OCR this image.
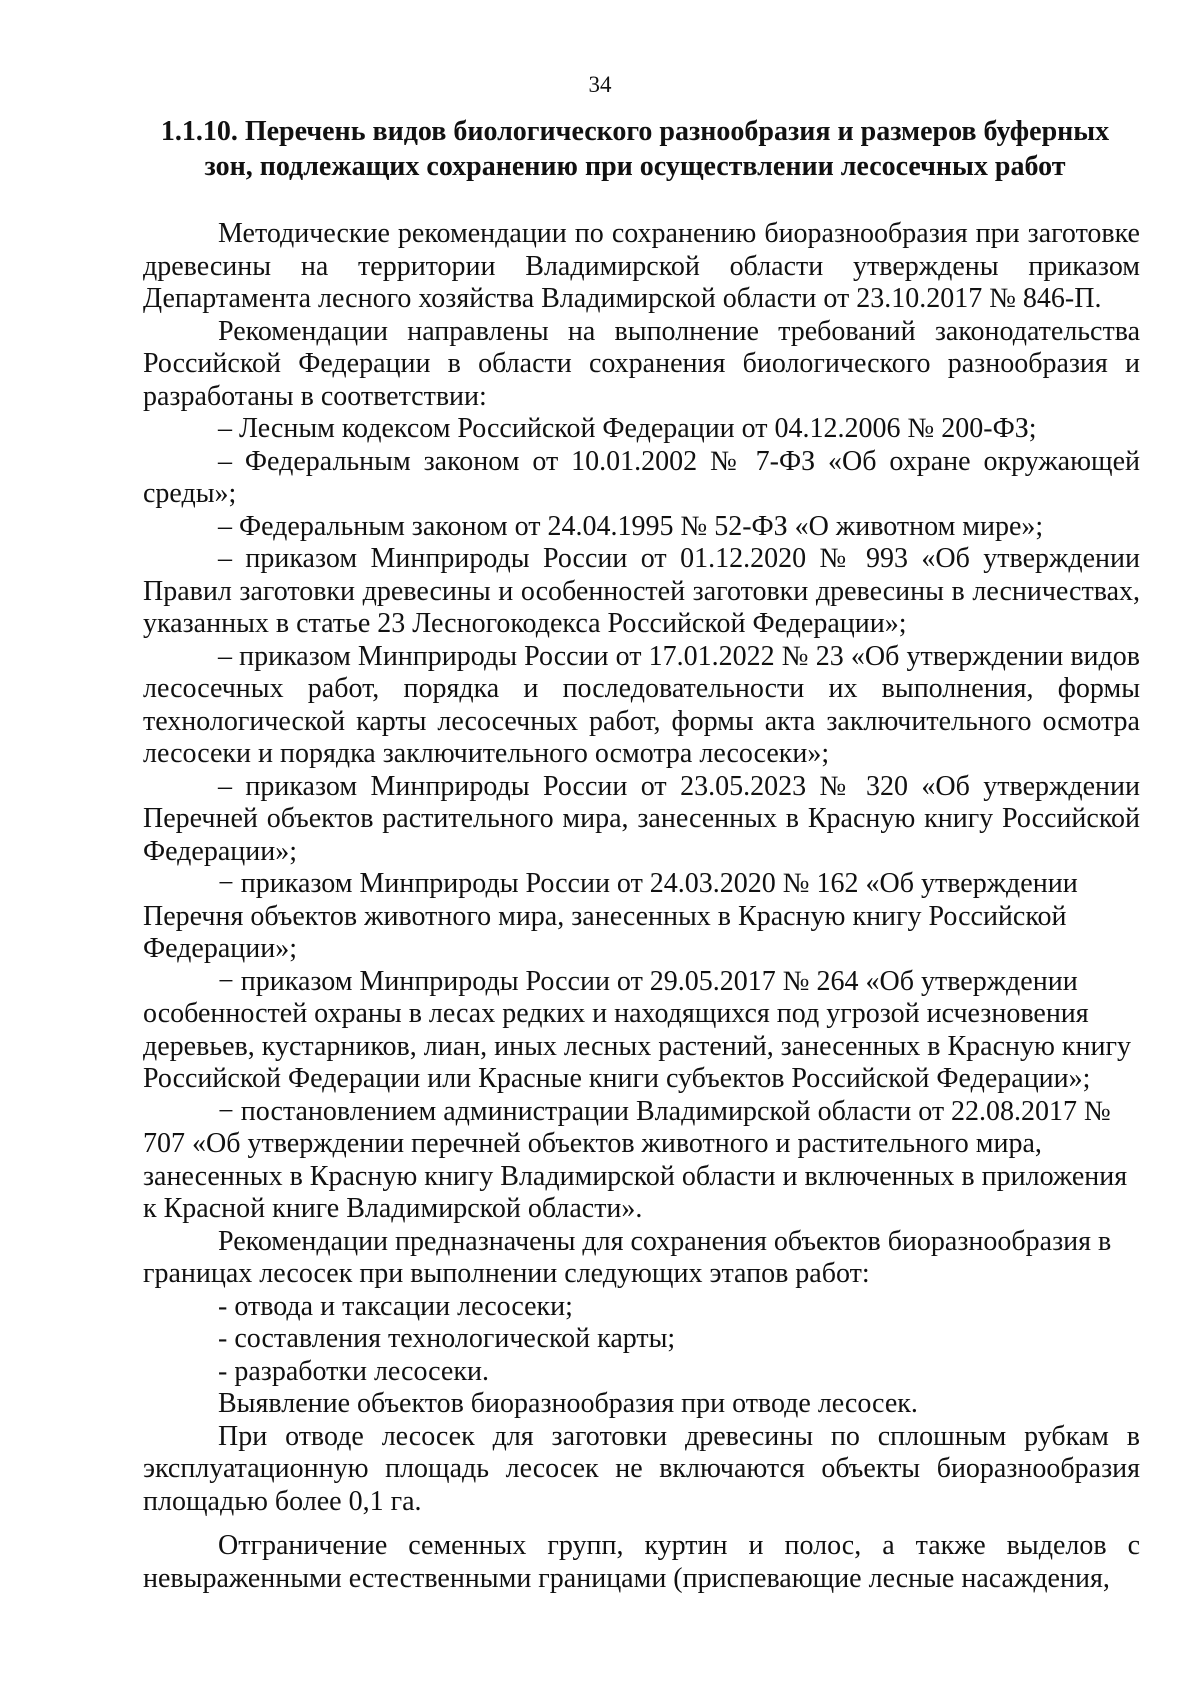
34
1.1.10. Перечень видов биологического разнообразия и размеров буферных
зон, подлежащих сохранению при осуществлении лесосечных работ

Методические рекомендации по сохранению биоразнообразия при заготовке древесины на территории Владимирской области утверждены приказом Департамента лесного хозяйства Владимирской области от 23.10.2017 № 846-П.

Рекомендации направлены на выполнение требований законодательства Российской Федерации в области сохранения биологического разнообразия и разработаны в соответствии:

– Лесным кодексом Российской Федерации от 04.12.2006 № 200-ФЗ;

– Федеральным законом от 10.01.2002 № 7-ФЗ «Об охране окружающей среды»;

– Федеральным законом от 24.04.1995 № 52-ФЗ «О животном мире»;

– приказом Минприроды России от 01.12.2020 № 993 «Об утверждении Правил заготовки древесины и особенностей заготовки древесины в лесничествах, указанных в статье 23 Лесногокодекса Российской Федерации»;

– приказом Минприроды России от 17.01.2022 № 23 «Об утверждении видов лесосечных работ, порядка и последовательности их выполнения, формы технологической карты лесосечных работ, формы акта заключительного осмотра лесосеки и порядка заключительного осмотра лесосеки»;

– приказом Минприроды России от 23.05.2023 № 320 «Об утверждении Перечней объектов растительного мира, занесенных в Красную книгу Российской Федерации»;

− приказом Минприроды России от 24.03.2020 № 162 «Об утверждении Перечня объектов животного мира, занесенных в Красную книгу Российской Федерации»;

− приказом Минприроды России от 29.05.2017 № 264 «Об утверждении особенностей охраны в лесах редких и находящихся под угрозой исчезновения деревьев, кустарников, лиан, иных лесных растений, занесенных в Красную книгу Российской Федерации или Красные книги субъектов Российской Федерации»;

− постановлением администрации Владимирской области от 22.08.2017 № 707 «Об утверждении перечней объектов животного и растительного мира, занесенных в Красную книгу Владимирской области и включенных в приложения к Красной книге Владимирской области».

Рекомендации предназначены для сохранения объектов биоразнообразия в границах лесосек при выполнении следующих этапов работ:

- отвода и таксации лесосеки;

- составления технологической карты;

- разработки лесосеки.

Выявление объектов биоразнообразия при отводе лесосек.

При отводе лесосек для заготовки древесины по сплошным рубкам в эксплуатационную площадь лесосек не включаются объекты биоразнообразия площадью более 0,1 га.

Отграничение семенных групп, куртин и полос, а также выделов с невыраженными естественными границами (приспевающие лесные насаждения,
